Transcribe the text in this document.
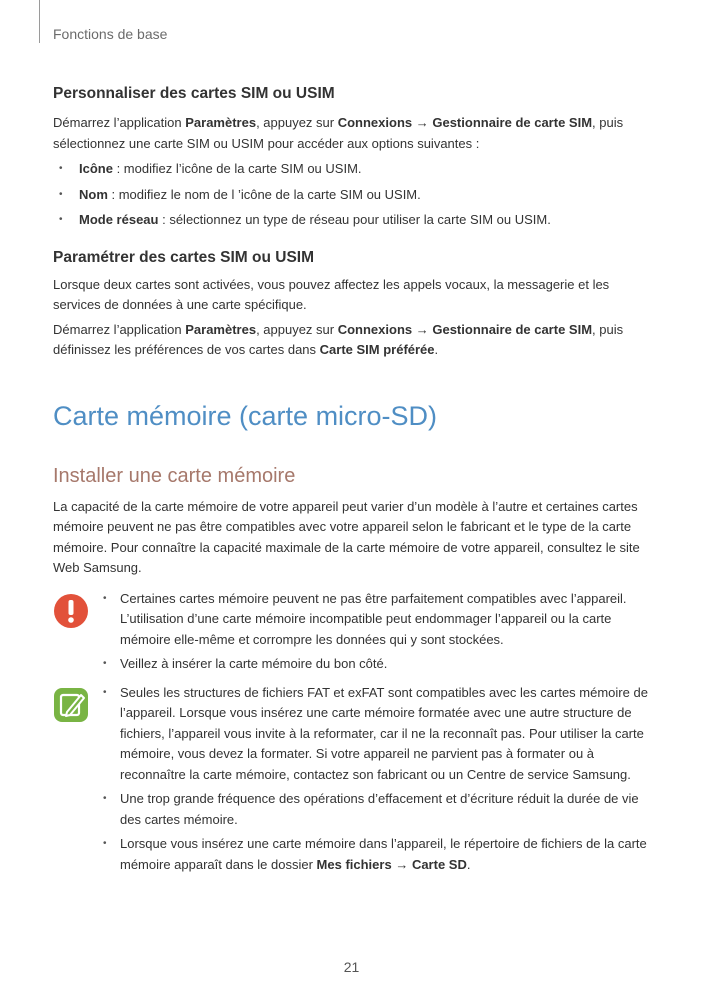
Fonctions de base
Personnaliser des cartes SIM ou USIM

Démarrez l’application Paramètres, appuyez sur Connexions → Gestionnaire de carte SIM, puis sélectionnez une carte SIM ou USIM pour accéder aux options suivantes :

• Icône : modifiez l’icône de la carte SIM ou USIM.
• Nom : modifiez le nom de l ’icône de la carte SIM ou USIM.
• Mode réseau : sélectionnez un type de réseau pour utiliser la carte SIM ou USIM.
Paramétrer des cartes SIM ou USIM

Lorsque deux cartes sont activées, vous pouvez affectez les appels vocaux, la messagerie et les services de données à une carte spécifique.

Démarrez l’application Paramètres, appuyez sur Connexions → Gestionnaire de carte SIM, puis définissez les préférences de vos cartes dans Carte SIM préférée.

Carte mémoire (carte micro-SD)
Installer une carte mémoire

La capacité de la carte mémoire de votre appareil peut varier d’un modèle à l’autre et certaines cartes mémoire peuvent ne pas être compatibles avec votre appareil selon le fabricant et le type de la carte mémoire. Pour connaître la capacité maximale de la carte mémoire de votre appareil, consultez le site Web Samsung.

• Certaines cartes mémoire peuvent ne pas être parfaitement compatibles avec l’appareil. L’utilisation d’une carte mémoire incompatible peut endommager l’appareil ou la carte mémoire elle-même et corrompre les données qui y sont stockées.
• Veillez à insérer la carte mémoire du bon côté.
• Seules les structures de fichiers FAT et exFAT sont compatibles avec les cartes mémoire de l’appareil. Lorsque vous insérez une carte mémoire formatée avec une autre structure de fichiers, l’appareil vous invite à la reformater, car il ne la reconnaît pas. Pour utiliser la carte mémoire, vous devez la formater. Si votre appareil ne parvient pas à formater ou à reconnaître la carte mémoire, contactez son fabricant ou un Centre de service Samsung.
• Une trop grande fréquence des opérations d’effacement et d’écriture réduit la durée de vie des cartes mémoire.
• Lorsque vous insérez une carte mémoire dans l’appareil, le répertoire de fichiers de la carte mémoire apparaît dans le dossier Mes fichiers → Carte SD.
21
